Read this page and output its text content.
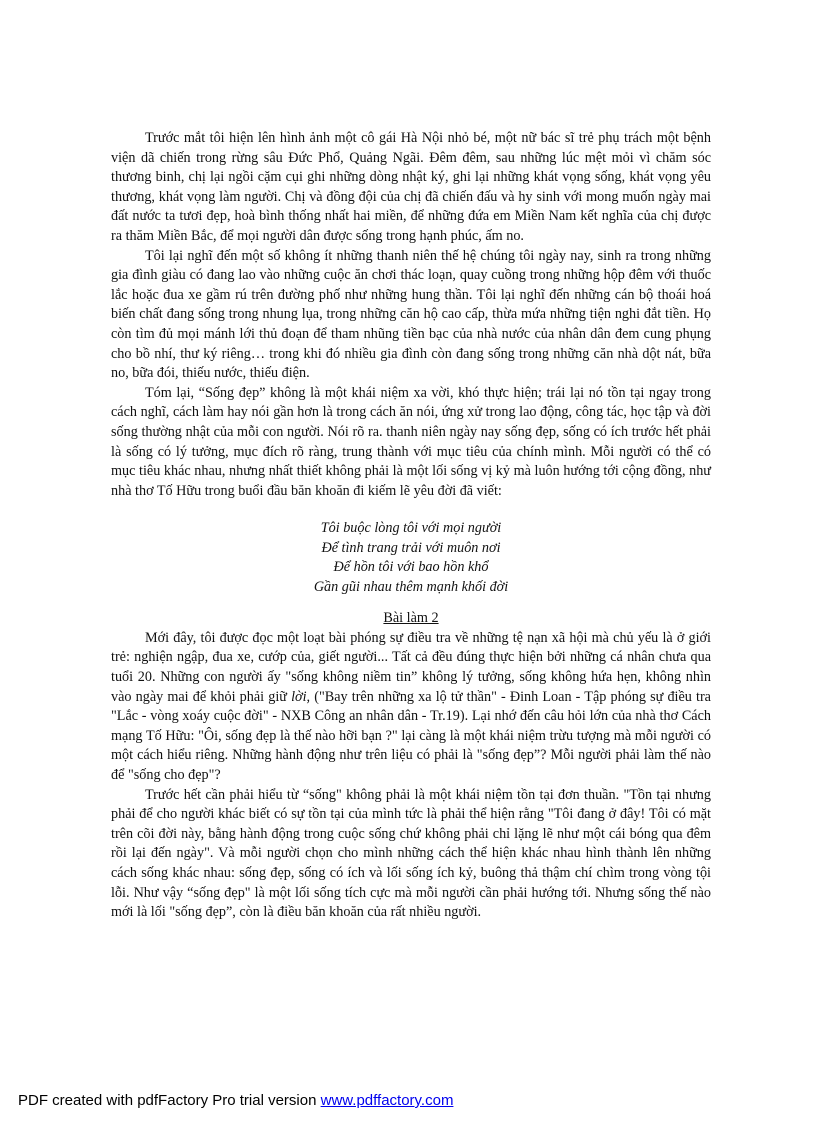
Trước mắt tôi hiện lên hình ảnh một cô gái Hà Nội nhỏ bé, một nữ bác sĩ trẻ phụ trách một bệnh viện dã chiến trong rừng sâu Đức Phổ, Quảng Ngãi. Đêm đêm, sau những lúc mệt mỏi vì chăm sóc thương binh, chị lại ngồi cặm cụi ghi những dòng nhật ký, ghi lại những khát vọng sống, khát vọng yêu thương, khát vọng làm người. Chị và đồng đội của chị đã chiến đấu và hy sinh với mong muốn ngày mai đất nước ta tươi đẹp, hoà bình thống nhất hai miền, để những đứa em Miền Nam kết nghĩa của chị được ra thăm Miền Bắc, để mọi người dân được sống trong hạnh phúc, ấm no.

Tôi lại nghĩ đến một số không ít những thanh niên thế hệ chúng tôi ngày nay, sinh ra trong những gia đình giàu có đang lao vào những cuộc ăn chơi thác loạn, quay cuồng trong những hộp đêm với thuốc lắc hoặc đua xe gầm rú trên đường phố như những hung thần. Tôi lại nghĩ đến những cán bộ thoái hoá biến chất đang sống trong nhung lụa, trong những căn hộ cao cấp, thừa mứa những tiện nghi đắt tiền. Họ còn tìm đủ mọi mánh lới thủ đoạn để tham nhũng tiền bạc của nhà nước của nhân dân đem cung phụng cho bồ nhí, thư ký riêng… trong khi đó nhiều gia đình còn đang sống trong những căn nhà dột nát, bữa no, bữa đói, thiếu nước, thiếu điện.

Tóm lại, “Sống đẹp” không là một khái niệm xa vời, khó thực hiện; trái lại nó tồn tại ngay trong cách nghĩ, cách làm hay nói gần hơn là trong cách ăn nói, ứng xử trong lao động, công tác, học tập và đời sống thường nhật của mỗi con người. Nói rõ ra. thanh niên ngày nay sống đẹp, sống có ích trước hết phải là sống có lý tưởng, mục đích rõ ràng, trung thành với mục tiêu của chính mình. Mỗi người có thể có mục tiêu khác nhau, nhưng nhất thiết không phải là một lối sống vị kỷ mà luôn hướng tới cộng đồng, như nhà thơ Tố Hữu trong buổi đầu băn khoăn đi kiếm lẽ yêu đời đã viết:

Tôi buộc lòng tôi với mọi người
Để tình trang trải với muôn nơi
Để hồn tôi với bao hồn khổ
Gần gũi nhau thêm mạnh khối đời
Bài làm 2

Mới đây, tôi được đọc một loạt bài phóng sự điều tra về những tệ nạn xã hội mà chủ yếu là ở giới trẻ: nghiện ngập, đua xe, cướp của, giết người... Tất cả đều đúng thực hiện bởi những cá nhân chưa qua tuổi 20. Những con người ấy "sống không niềm tin” không lý tưởng, sống không hứa hẹn, không nhìn vào ngày mai để khỏi phải giữ lời, ("Bay trên những xa lộ tử thần" - Đinh Loan - Tập phóng sự điều tra "Lắc - vòng xoáy cuộc đời" - NXB Công an nhân dân - Tr.19). Lại nhớ đến câu hỏi lớn của nhà thơ Cách mạng Tố Hữu: "Ôi, sống đẹp là thế nào hỡi bạn ?" lại càng là một khái niệm trừu tượng mà mỗi người có một cách hiểu riêng. Những hành động như trên liệu có phải là "sống đẹp”? Mỗi người phải làm thế nào để "sống cho đẹp"?

Trước hết cần phải hiểu từ “sống" không phải là một khái niệm tồn tại đơn thuần. "Tồn tại nhưng phải để cho người khác biết có sự tồn tại của mình tức là phải thể hiện rằng "Tôi đang ở đây! Tôi có mặt trên cõi đời này, bằng hành động trong cuộc sống chứ không phải chỉ lặng lẽ như một cái bóng qua đêm rồi lại đến ngày". Và mỗi người chọn cho mình những cách thể hiện khác nhau hình thành lên những cách sống khác nhau: sống đẹp, sống có ích và lối sống ích kỷ, buông thả thậm chí chìm trong vòng tội lỗi. Như vậy “sống đẹp" là một lối sống tích cực mà mỗi người cần phải hướng tới. Nhưng sống thế nào mới là lối "sống đẹp”, còn là điều băn khoăn của rất nhiều người.

PDF created with pdfFactory Pro trial version www.pdffactory.com
